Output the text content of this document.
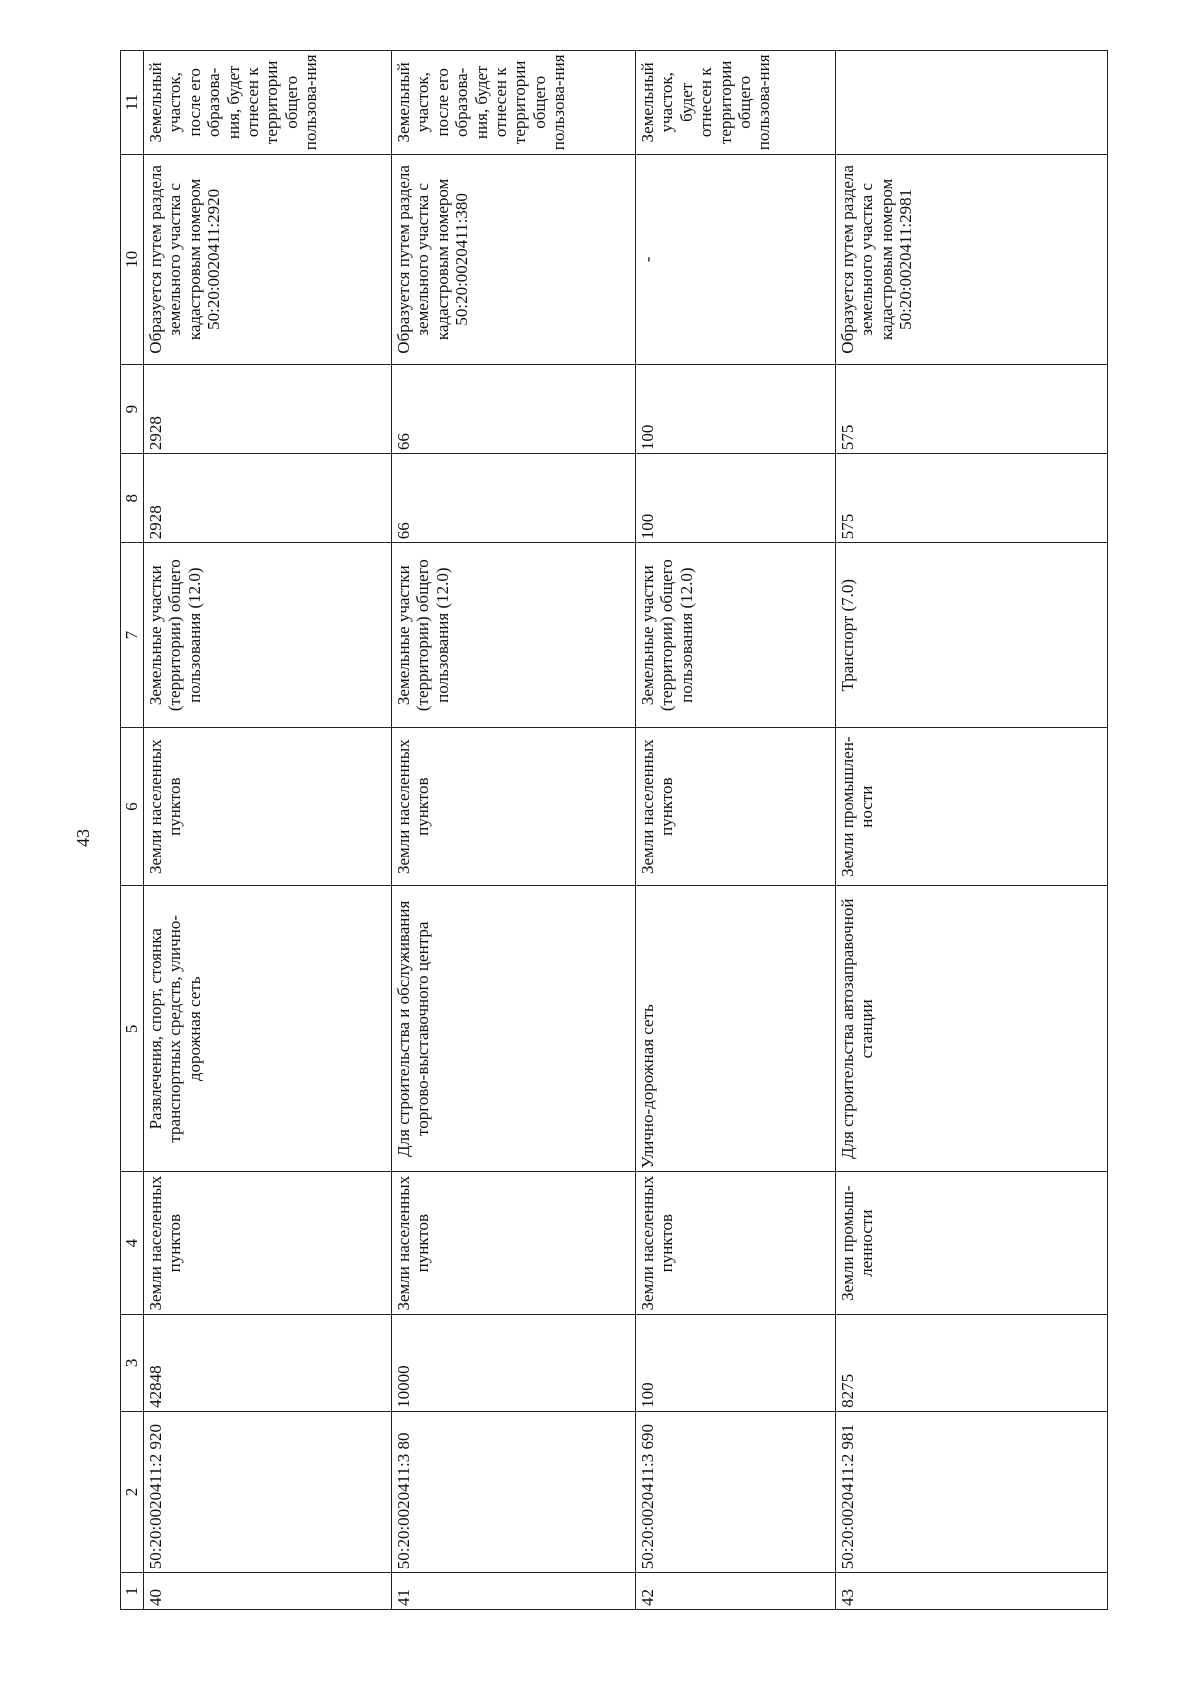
43
1	2	3	4	5	6	7	8	9	10	11
40	50:20:0020411:2 920	42848	Земли населенных пунктов	Развлечения, спорт, стоянка транспортных средств, улично-дорожная сеть	Земли населенных пунктов	Земельные участки (территории) общего пользования (12.0)	2928	2928	Образуется путем раздела земельного участка с кадастровым номером 50:20:0020411:2920	Земельный участок, после его образова-ния, будет отнесен к территории общего пользова-ния
41	50:20:0020411:3 80	10000	Земли населенных пунктов	Для строительства и обслуживания торгово-выставочного центра	Земли населенных пунктов	Земельные участки (территории) общего пользования (12.0)	66	66	Образуется путем раздела земельного участка с кадастровым номером 50:20:0020411:380	Земельный участок, после его образова-ния, будет отнесен к территории общего пользова-ния
42	50:20:0020411:3 690	100	Земли населенных пунктов	Улично-дорожная сеть	Земли населенных пунктов	Земельные участки (территории) общего пользования (12.0)	100	100	-	Земельный участок, будет отнесен к территории общего пользова-ния
43	50:20:0020411:2 981	8275	Земли промыш-ленности	Для строительства автозаправочной станции	Земли промышлен-ности	Транспорт (7.0)	575	575	Образуется путем раздела земельного участка с кадастровым номером 50:20:0020411:2981	
